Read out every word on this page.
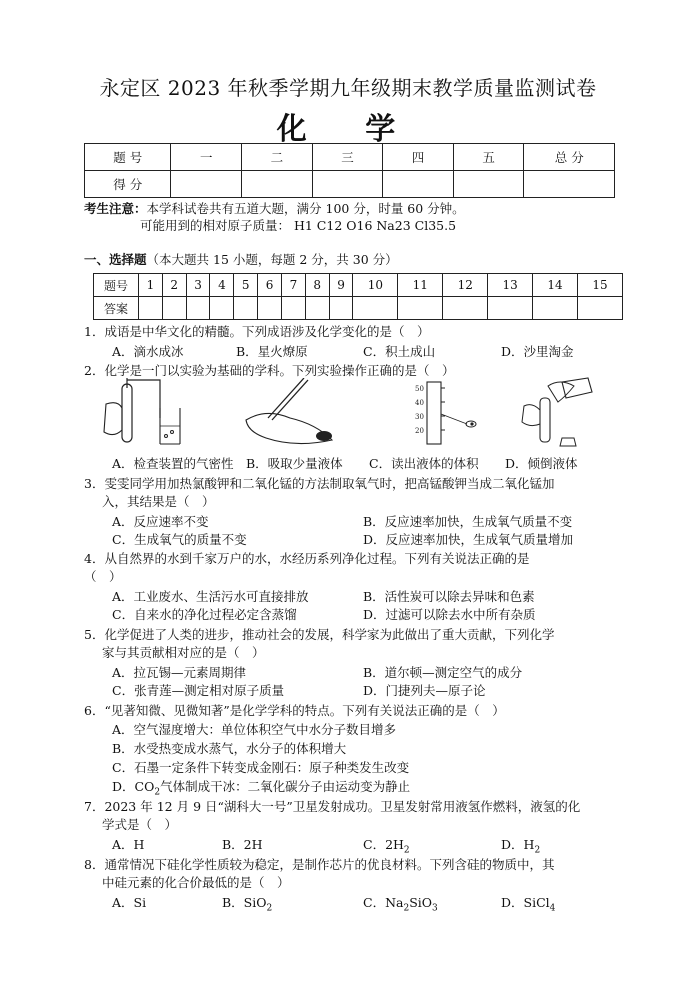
永定区 2023 年秋季学期九年级期末教学质量监测试卷
化 学
题 号	一	二	三	四	五	总 分
得 分						
考生注意：本学科试卷共有五道大题，满分 100 分，时量 60 分钟。
可能用到的相对原子质量： H1 C12 O16 Na23 Cl35.5
一、选择题（本大题共 15 小题，每题 2 分，共 30 分）
题号	1	2	3	4	5	6	7	8	9	10	11	12	13	14	15
答案															
1．成语是中华文化的精髓。下列成语涉及化学变化的是（　）
A．滴水成冰	B．星火燎原	C．积土成山	D．沙里淘金
2．化学是一门以实验为基础的学科。下列实验操作正确的是（　）
50
40
30
20
A．检查装置的气密性 B．吸取少量液体 C．读出液体的体积 D．倾倒液体
3．雯雯同学用加热氯酸钾和二氧化锰的方法制取氧气时，把高锰酸钾当成二氧化锰加
入，其结果是（　）
A．反应速率不变	B．反应速率加快，生成氧气质量不变
C．生成氧气的质量不变	D．反应速率加快，生成氧气质量增加
4．从自然界的水到千家万户的水，水经历系列净化过程。下列有关说法正确的是
（　）
A．工业废水、生活污水可直接排放	B．活性炭可以除去异味和色素
C．自来水的净化过程必定含蒸馏	D．过滤可以除去水中所有杂质
5．化学促进了人类的进步，推动社会的发展，科学家为此做出了重大贡献，下列化学
家与其贡献相对应的是（　）
A．拉瓦锡—元素周期律	B．道尔顿—测定空气的成分
C．张青莲—测定相对原子质量	D．门捷列夫—原子论
6．“见著知微、见微知著”是化学学科的特点。下列有关说法正确的是（　）
A．空气湿度增大：单位体积空气中水分子数目增多
B．水受热变成水蒸气，水分子的体积增大
C．石墨一定条件下转变成金刚石：原子种类发生改变
D．$CO_2$气体制成干冰：二氧化碳分子由运动变为静止
7．2023 年 12 月 9 日“湖科大一号”卫星发射成功。卫星发射常用液氢作燃料，液氢的化
学式是（　）
A．H	B．2H	C．$2H_2$	D．$H_2$
8．通常情况下硅化学性质较为稳定，是制作芯片的优良材料。下列含硅的物质中，其
中硅元素的化合价最低的是（　）
A．Si	B．SiO$_2$	C．$Na_2SiO_3$	D．SiCl$_4$
